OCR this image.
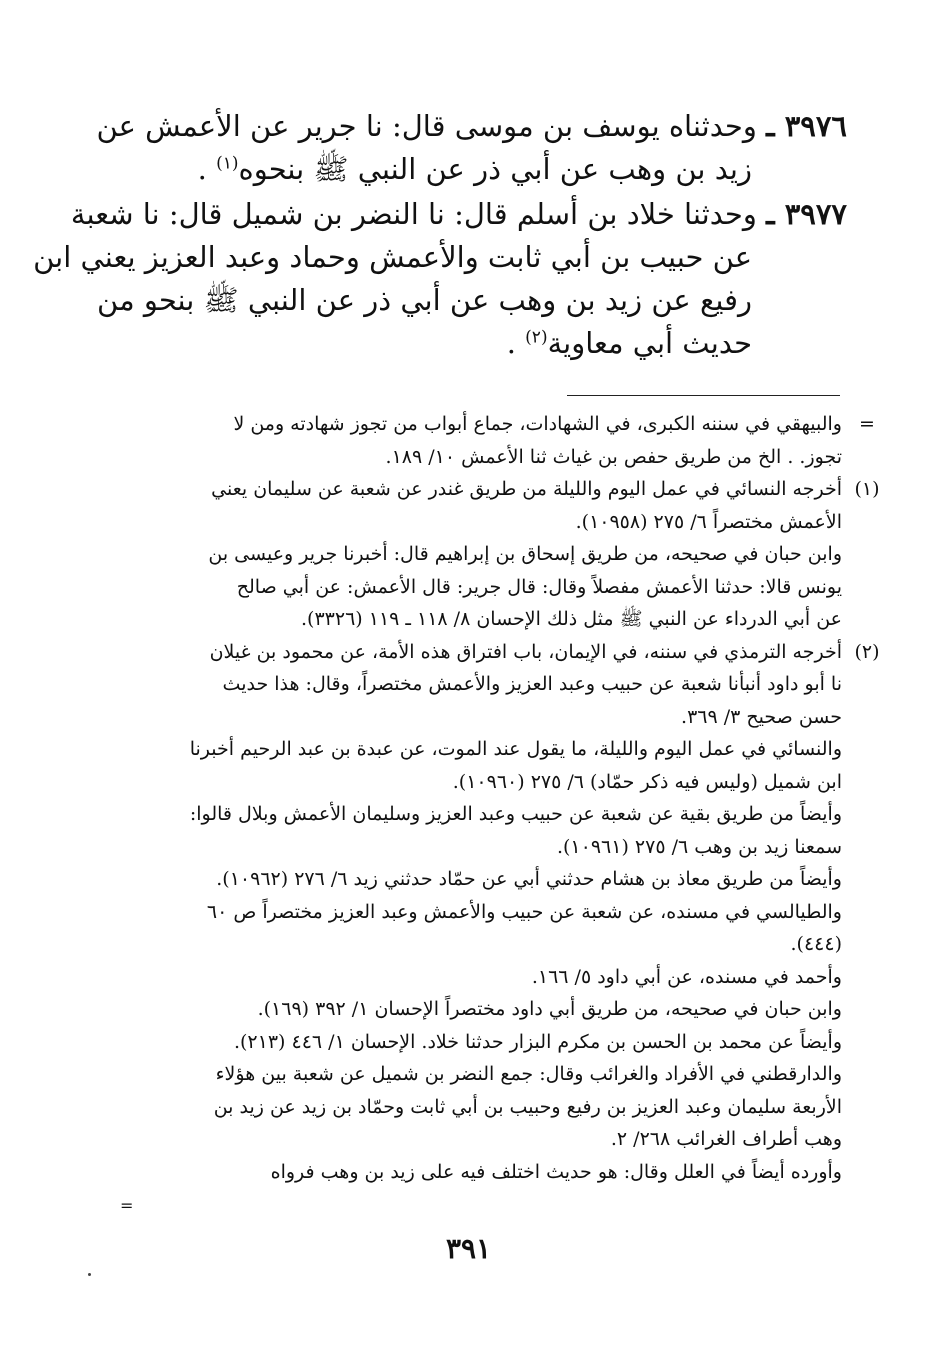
٣٩٧٦ ـ وحدثناه يوسف بن موسى قال: نا جرير عن الأعمش عن
زيد بن وهب عن أبي ذر عن النبي ﷺ بنحوه$^{(١)}$ .
٣٩٧٧ ـ وحدثنا خلاد بن أسلم قال: نا النضر بن شميل قال: نا شعبة
عن حبيب بن أبي ثابت والأعمش وحماد وعبد العزيز يعني ابن
رفيع عن زيد بن وهب عن أبي ذر عن النبي ﷺ بنحو من
حديث أبي معاوية$^{(٢)}$ .
=
والبيهقي في سننه الكبرى، في الشهادات، جماع أبواب من تجوز شهادته ومن لا
تجوز. . الخ من طريق حفص بن غياث ثنا الأعمش ١٠/ ١٨٩.
(١)
أخرجه النسائي في عمل اليوم والليلة من طريق غندر عن شعبة عن سليمان يعني
الأعمش مختصراً ٦/ ٢٧٥ (١٠٩٥٨).
وابن حبان في صحيحه، من طريق إسحاق بن إبراهيم قال: أخبرنا جرير وعيسى بن
يونس قالا: حدثنا الأعمش مفصلاً وقال: قال جرير: قال الأعمش: عن أبي صالح
عن أبي الدرداء عن النبي ﷺ مثل ذلك الإحسان ٨/ ١١٨ ـ ١١٩ (٣٣٢٦).
(٢)
أخرجه الترمذي في سننه، في الإيمان، باب افتراق هذه الأمة، عن محمود بن غيلان
نا أبو داود أنبأنا شعبة عن حبيب وعبد العزيز والأعمش مختصراً، وقال: هذا حديث
حسن صحيح ٣/ ٣٦٩.
والنسائي في عمل اليوم والليلة، ما يقول عند الموت، عن عبدة بن عبد الرحيم أخبرنا
ابن شميل (وليس فيه ذكر حمّاد) ٦/ ٢٧٥ (١٠٩٦٠).
وأيضاً من طريق بقية عن شعبة عن حبيب وعبد العزيز وسليمان الأعمش وبلال قالوا:
سمعنا زيد بن وهب ٦/ ٢٧٥ (١٠٩٦١).
وأيضاً من طريق معاذ بن هشام حدثني أبي عن حمّاد حدثني زيد ٦/ ٢٧٦ (١٠٩٦٢).
والطيالسي في مسنده، عن شعبة عن حبيب والأعمش وعبد العزيز مختصراً ص ٦٠
(٤٤٤).
وأحمد في مسنده، عن أبي داود ٥/ ١٦٦.
وابن حبان في صحيحه، من طريق أبي داود مختصراً الإحسان ١/ ٣٩٢ (١٦٩).
وأيضاً عن محمد بن الحسن بن مكرم البزار حدثنا خلاد. الإحسان ١/ ٤٤٦ (٢١٣).
والدارقطني في الأفراد والغرائب وقال: جمع النضر بن شميل عن شعبة بين هؤلاء
الأربعة سليمان وعبد العزيز بن رفيع وحبيب بن أبي ثابت وحمّاد بن زيد عن زيد بن
وهب أطراف الغرائب ٢٦٨/ ٢.
وأورده أيضاً في العلل وقال: هو حديث اختلف فيه على زيد بن وهب فرواه
=
٣٩١
